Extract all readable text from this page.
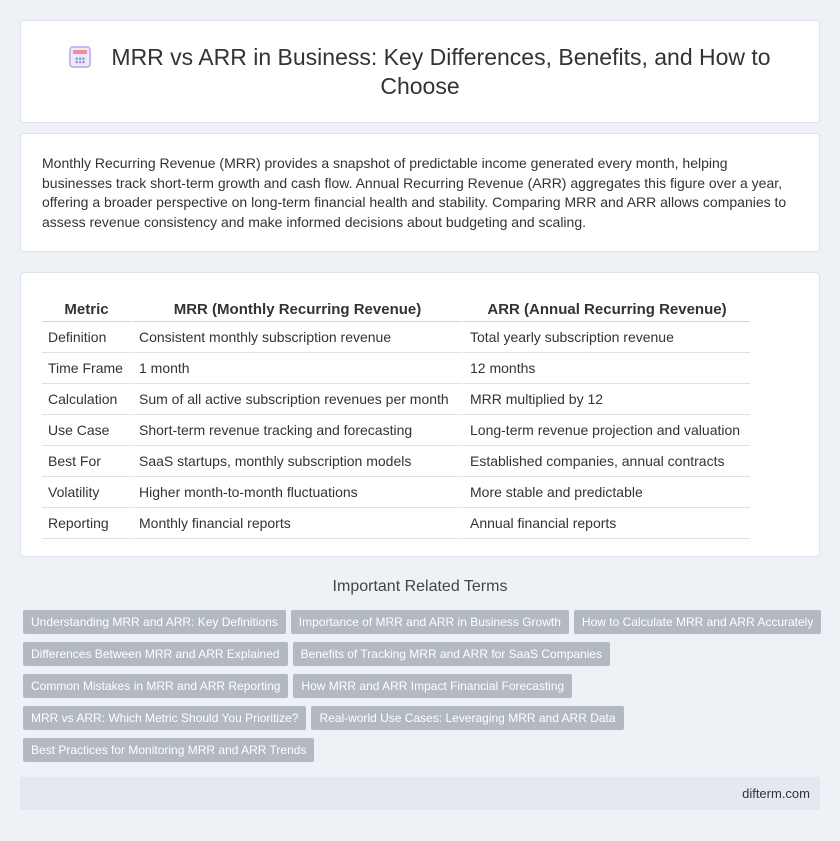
MRR vs ARR in Business: Key Differences, Benefits, and How to Choose

Monthly Recurring Revenue (MRR) provides a snapshot of predictable income generated every month, helping businesses track short-term growth and cash flow. Annual Recurring Revenue (ARR) aggregates this figure over a year, offering a broader perspective on long-term financial health and stability. Comparing MRR and ARR allows companies to assess revenue consistency and make informed decisions about budgeting and scaling.

Metric	MRR (Monthly Recurring Revenue)	ARR (Annual Recurring Revenue)
Definition	Consistent monthly subscription revenue	Total yearly subscription revenue
Time Frame	1 month	12 months
Calculation	Sum of all active subscription revenues per month	MRR multiplied by 12
Use Case	Short-term revenue tracking and forecasting	Long-term revenue projection and valuation
Best For	SaaS startups, monthly subscription models	Established companies, annual contracts
Volatility	Higher month-to-month fluctuations	More stable and predictable
Reporting	Monthly financial reports	Annual financial reports
Important Related Terms
Understanding MRR and ARR: Key Definitions Importance of MRR and ARR in Business Growth How to Calculate MRR and ARR Accurately
Differences Between MRR and ARR Explained Benefits of Tracking MRR and ARR for SaaS Companies
Common Mistakes in MRR and ARR Reporting How MRR and ARR Impact Financial Forecasting
MRR vs ARR: Which Metric Should You Prioritize? Real-world Use Cases: Leveraging MRR and ARR Data
Best Practices for Monitoring MRR and ARR Trends
difterm.com
